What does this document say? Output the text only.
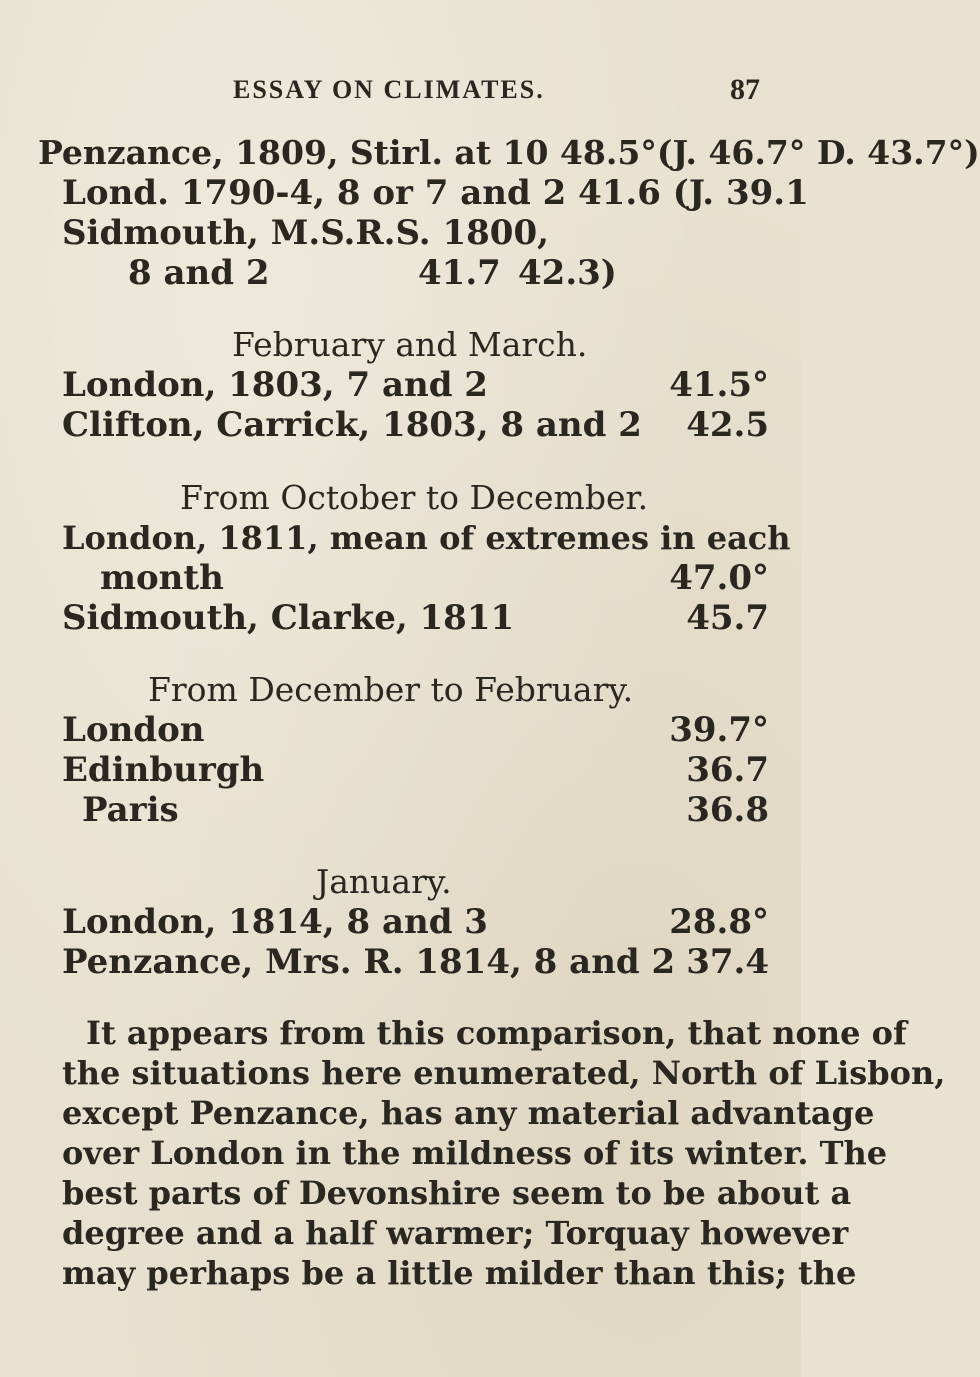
ESSAY ON CLIMATES.	87
Penzance, 1809, Stirl. at 10 48.5°(J. 46.7° D. 43.7°)
Lond. 1790-4, 8 or 7 and 2 41.6 (J. 39.1
Sidmouth, M.S.R.S. 1800,
8 and 2	41.7 42.3)
February and March.
London, 1803, 7 and 2	41.5°
Clifton, Carrick, 1803, 8 and 2 42.5
From October to December.
London, 1811, mean of extremes in each
month	47.0°
Sidmouth, Clarke, 1811	45.7
From December to February.
London	39.7°
Edinburgh	36.7
Paris	36.8
January.
London, 1814, 8 and 3	28.8°
Penzance, Mrs. R. 1814, 8 and 2 37.4
It appears from this comparison, that none of
the situations here enumerated, North of Lisbon,
except Penzance, has any material advantage
over London in the mildness of its winter. The
best parts of Devonshire seem to be about a
degree and a half warmer; Torquay however
may perhaps be a little milder than this; the
